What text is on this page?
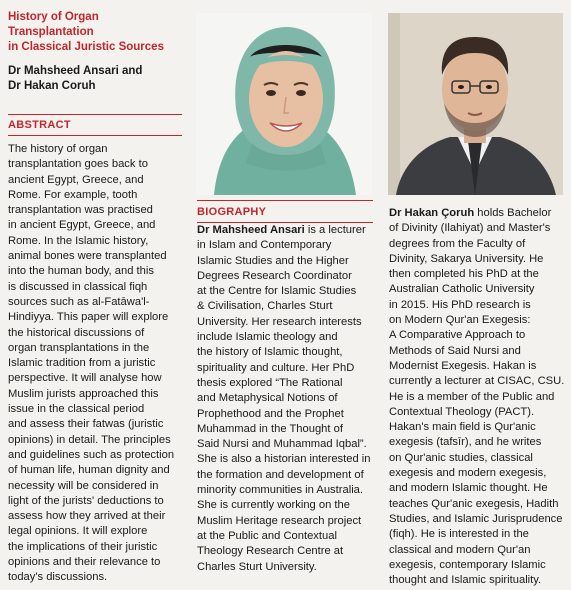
History of Organ Transplantation
in Classical Juristic Sources
Dr Mahsheed Ansari and
Dr Hakan Coruh
ABSTRACT
The history of organ
transplantation goes back to
ancient Egypt, Greece, and
Rome. For example, tooth
transplantation was practised
in ancient Egypt, Greece, and
Rome. In the Islamic history,
animal bones were transplanted
into the human body, and this
is discussed in classical fiqh
sources such as al-Fatāwa'l-
Hindiyya. This paper will explore
the historical discussions of
organ transplantations in the
Islamic tradition from a juristic
perspective. It will analyse how
Muslim jurists approached this
issue in the classical period
and assess their fatwas (juristic
opinions) in detail. The principles
and guidelines such as protection
of human life, human dignity and
necessity will be considered in
light of the jurists' deductions to
assess how they arrived at their
legal opinions. It will explore
the implications of their juristic
opinions and their relevance to
today's discussions.
BIOGRAPHY
Dr Mahsheed Ansari is a lecturer
in Islam and Contemporary
Islamic Studies and the Higher
Degrees Research Coordinator
at the Centre for Islamic Studies
& Civilisation, Charles Sturt
University. Her research interests
include Islamic theology and
the history of Islamic thought,
spirituality and culture. Her PhD
thesis explored “The Rational
and Metaphysical Notions of
Prophethood and the Prophet
Muhammad in the Thought of
Said Nursi and Muhammad Iqbal”.
She is also a historian interested in
the formation and development of
minority communities in Australia.
She is currently working on the
Muslim Heritage research project
at the Public and Contextual
Theology Research Centre at
Charles Sturt University.
Dr Hakan Çoruh holds Bachelor
of Divinity (Ilahiyat) and Master's
degrees from the Faculty of
Divinity, Sakarya University. He
then completed his PhD at the
Australian Catholic University
in 2015. His PhD research is
on Modern Qur'an Exegesis:
A Comparative Approach to
Methods of Said Nursi and
Modernist Exegesis. Hakan is
currently a lecturer at CISAC, CSU.
He is a member of the Public and
Contextual Theology (PACT).
Hakan's main field is Qur'anic
exegesis (tafsīr), and he writes
on Qur'anic studies, classical
exegesis and modern exegesis,
and modern Islamic thought. He
teaches Qur'anic exegesis, Hadith
Studies, and Islamic Jurisprudence
(fiqh). He is interested in the
classical and modern Qur'an
exegesis, contemporary Islamic
thought and Islamic spirituality.
